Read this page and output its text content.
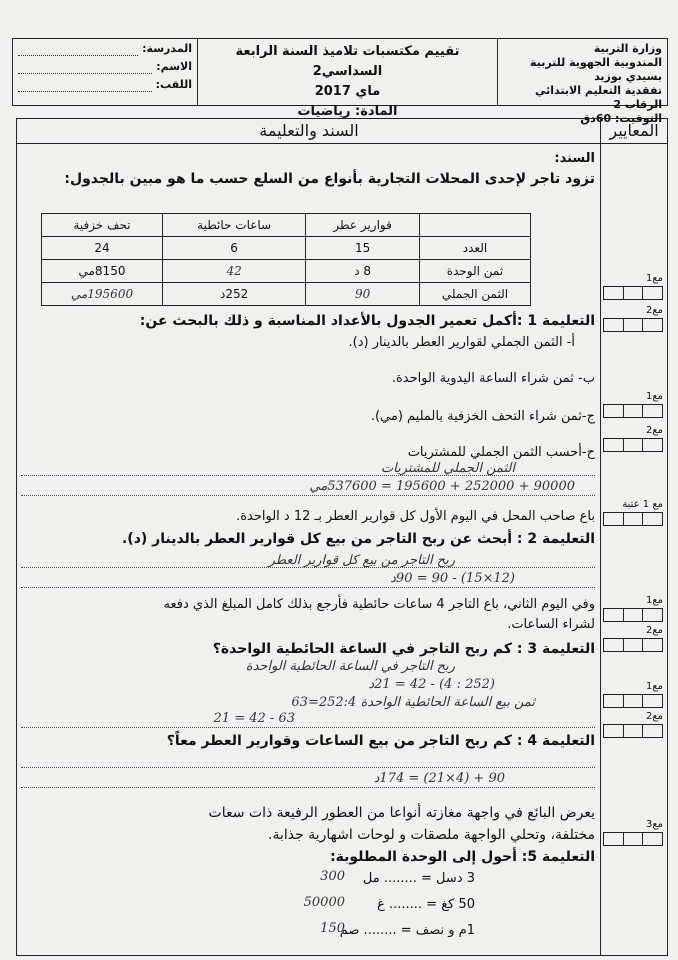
وزارة التربية
المندوبية الجهوية للتربية بسيدي بوزيد
تفقدية التعليم الابتدائي الرقاب 2
التوقيت: 60دق
تقييم مكتسبات تلاميذ السنة الرابعة السداسي2
ماي 2017
المادة: رياضيات
المدرسة:
الاسم:
اللقب:
المعايير
السند والتعليمة
السند:
تزود تاجر لإحدى المحلات التجارية بأنواع من السلع حسب ما هو مبين بالجدول:
	قوارير عطر	ساعات حائطية	تحف خزفية
العدد	15	6	24
ثمن الوحدة	8 د	42	8150مي
الثمن الجملي	90	252د	195600مي
التعليمة 1 :أكمل تعمير الجدول بالأعداد المناسبة و ذلك بالبحث عن:
أ- الثمن الجملي لقوارير العطر بالدينار (د).
ب- ثمن شراء الساعة اليدوية الواحدة.
ج-ثمن شراء التحف الخزفية بالمليم (مي).
ح-أحسب الثمن الجملي للمشتريات
الثمن الجملي للمشتريات
90000 + 252000 + 195600 = 537600مي
باع صاحب المحل في اليوم الأول كل قوارير العطر بـ 12 د الواحدة.
التعليمة 2 : أبحث عن ربح التاجر من بيع كل قوارير العطر بالدينار (د).
ربح التاجر من بيع كل قوارير العطر
(12×15) - 90 = 90د
وفي اليوم الثاني، باع التاجر 4 ساعات حائطية فأرجع بذلك كامل المبلغ الذي دفعه
لشراء الساعات.
التعليمة 3 : كم ربح التاجر في الساعة الحائطية الواحدة؟
ربح التاجر في الساعة الحائطية الواحدة
(252 : 4) - 42 = 21د
ثمن بيع الساعة الحائطية الواحدة 252:4=63
63 - 42 = 21
التعليمة 4 : كم ربح التاجر من بيع الساعات وقوارير العطر معاً؟
90 + (4×21) = 174د
يعرض البائع في واجهة مغازته أنواعا من العطور الرفيعة ذات سعات
مختلفة، وتحلي الواجهة ملصقات و لوحات اشهارية جذابة.
التعليمة 5: أحول إلى الوحدة المطلوبة:
3 دسل = ........ مل
300
50 كغ = ........ غ
50000
1م و نصف = ........ صم
150
مع1
مع2
مع1
مع2
مع 1 عتبة
مع1
مع2
مع1
مع2
مع3
